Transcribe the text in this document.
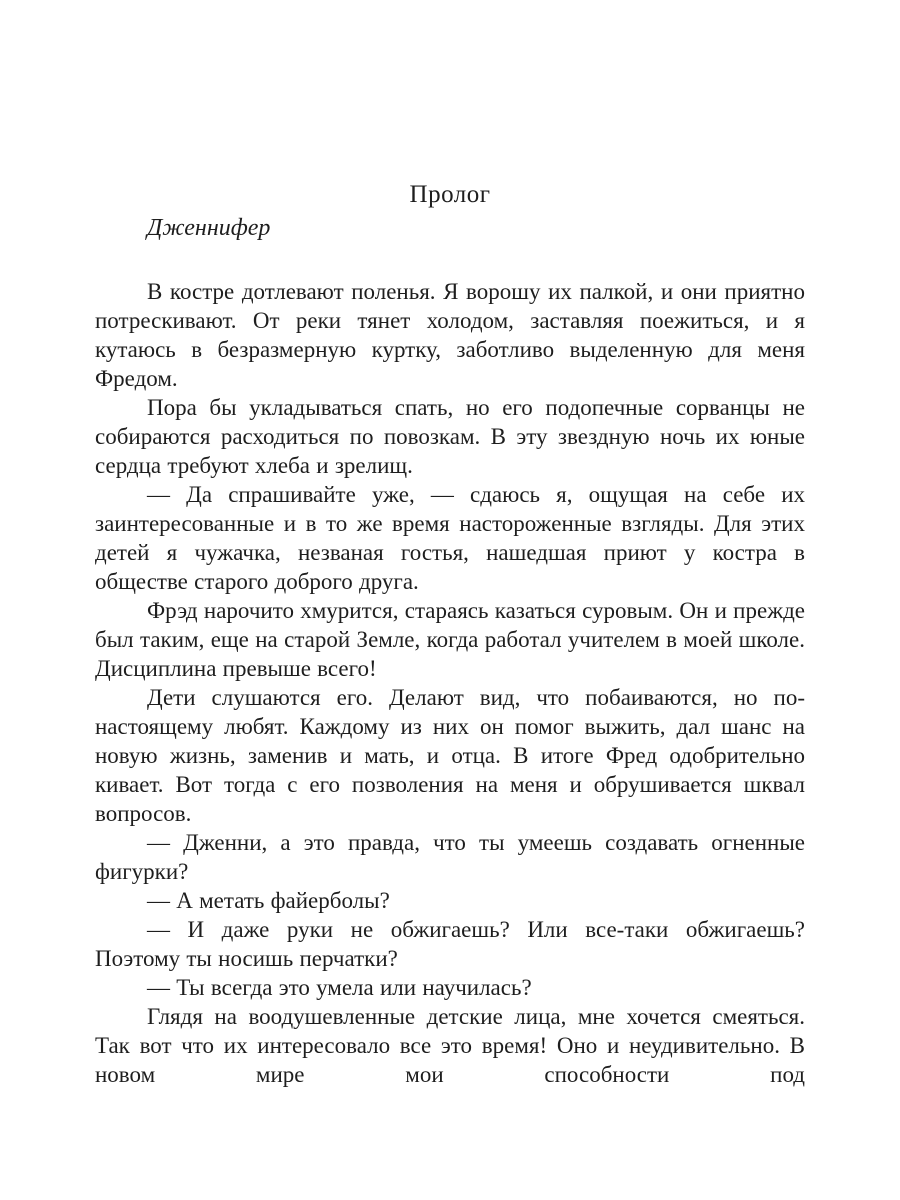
Пролог
Дженнифер

В костре дотлевают поленья. Я ворошу их палкой, и они приятно потрескивают. От реки тянет холодом, заставляя поежиться, и я кутаюсь в безразмерную куртку, заботливо выделенную для меня Фредом.

Пора бы укладываться спать, но его подопечные сорванцы не собираются расходиться по повозкам. В эту звездную ночь их юные сердца требуют хлеба и зрелищ.

— Да спрашивайте уже, — сдаюсь я, ощущая на себе их заинтересованные и в то же время настороженные взгляды. Для этих детей я чужачка, незваная гостья, нашедшая приют у костра в обществе старого доброго друга.

Фрэд нарочито хмурится, стараясь казаться суровым. Он и прежде был таким, еще на старой Земле, когда работал учителем в моей школе. Дисциплина превыше всего!

Дети слушаются его. Делают вид, что побаиваются, но по-настоящему любят. Каждому из них он помог выжить, дал шанс на новую жизнь, заменив и мать, и отца. В итоге Фред одобрительно кивает. Вот тогда с его позволения на меня и обрушивается шквал вопросов.

— Дженни, а это правда, что ты умеешь создавать огненные фигурки?

— А метать файерболы?

— И даже руки не обжигаешь? Или все-таки обжигаешь? Поэтому ты носишь перчатки?

— Ты всегда это умела или научилась?

Глядя на воодушевленные детские лица, мне хочется смеяться. Так вот что их интересовало все это время! Оно и неудивительно. В новом мире мои способности под
